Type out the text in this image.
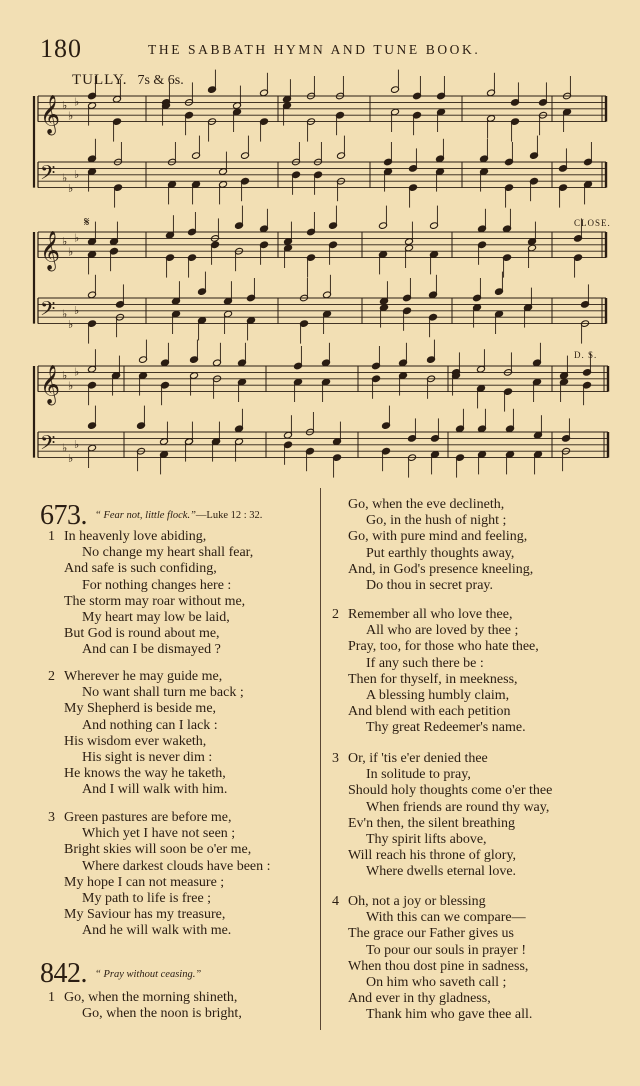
180	THE SABBATH HYMN AND TUNE BOOK.
TULLY. 7s & 6s.
𝄞 ♭
♭
♭
𝄢 ♭
♭
♭
𝄞 ♭
♭
♭
𝄢 ♭
♭
♭
𝄞 ♭
♭
♭
𝄢 ♭
♭
♭
𝄋	CLOSE.
D. S.
673. “ Fear not, little flock.”—Luke 12 : 32.
1 In heavenly love abiding,
No change my heart shall fear,
And safe is such confiding,
For nothing changes here :
The storm may roar without me,
My heart may low be laid,
But God is round about me,
And can I be dismayed ?
2 Wherever he may guide me,
No want shall turn me back ;
My Shepherd is beside me,
And nothing can I lack :
His wisdom ever waketh,
His sight is never dim :
He knows the way he taketh,
And I will walk with him.
3 Green pastures are before me,
Which yet I have not seen ;
Bright skies will soon be o'er me,
Where darkest clouds have been :
My hope I can not measure ;
My path to life is free ;
My Saviour has my treasure,
And he will walk with me.
842. “ Pray without ceasing.”
1 Go, when the morning shineth,
Go, when the noon is bright,
Go, when the eve declineth,
Go, in the hush of night ;
Go, with pure mind and feeling,
Put earthly thoughts away,
And, in God's presence kneeling,
Do thou in secret pray.
2 Remember all who love thee,
All who are loved by thee ;
Pray, too, for those who hate thee,
If any such there be :
Then for thyself, in meekness,
A blessing humbly claim,
And blend with each petition
Thy great Redeemer's name.
3 Or, if 'tis e'er denied thee
In solitude to pray,
Should holy thoughts come o'er thee
When friends are round thy way,
Ev'n then, the silent breathing
Thy spirit lifts above,
Will reach his throne of glory,
Where dwells eternal love.
4 Oh, not a joy or blessing
With this can we compare—
The grace our Father gives us
To pour our souls in prayer !
When thou dost pine in sadness,
On him who saveth call ;
And ever in thy gladness,
Thank him who gave thee all.
